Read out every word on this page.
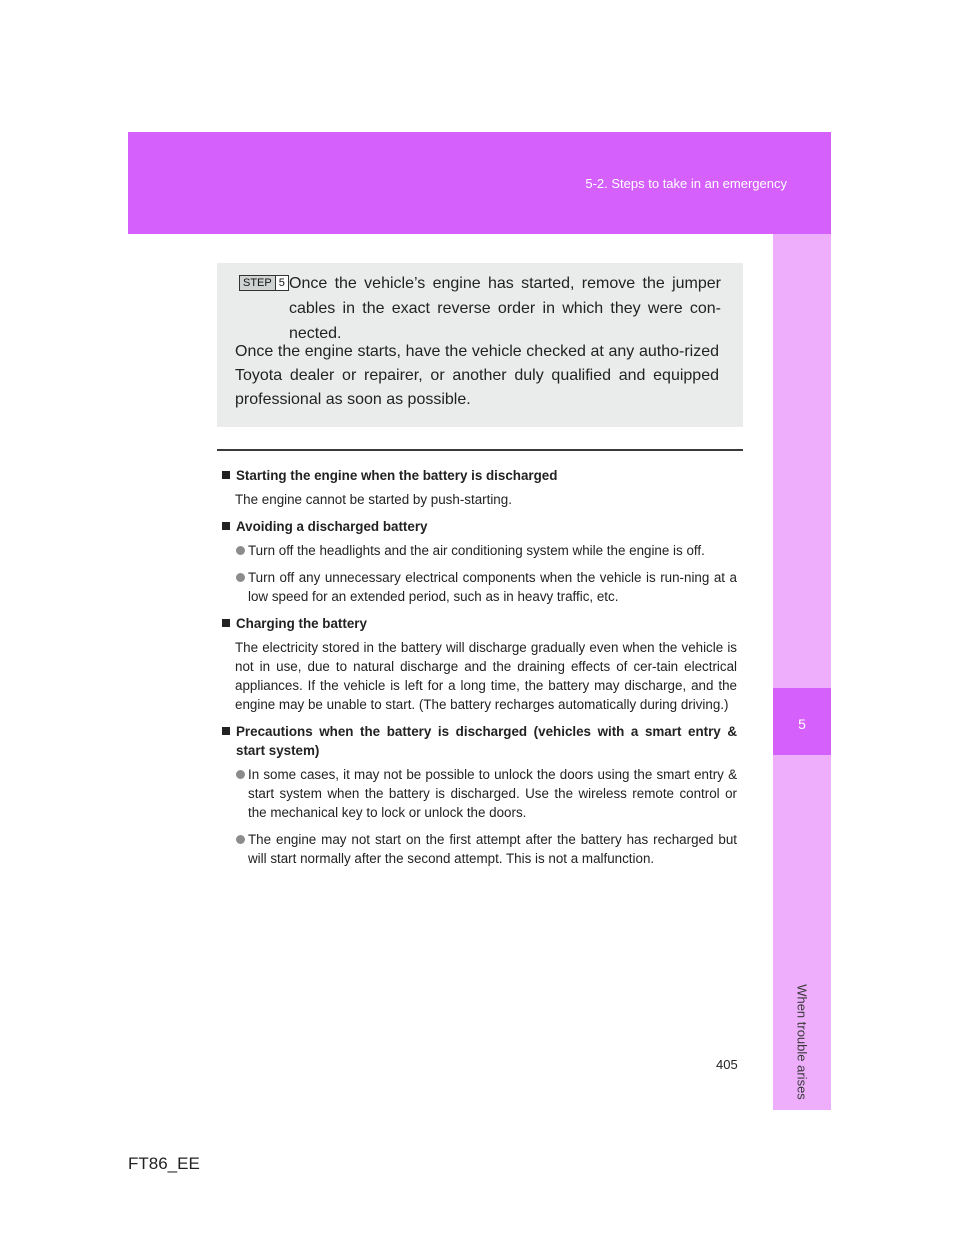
5-2. Steps to take in an emergency
5
When trouble arises
STEP 5 Once the vehicle’s engine has started, remove the jumper cables in the exact reverse order in which they were con-nected.
Once the engine starts, have the vehicle checked at any autho-rized Toyota dealer or repairer, or another duly qualified and equipped professional as soon as possible.
Starting the engine when the battery is discharged
The engine cannot be started by push-starting.
Avoiding a discharged battery
Turn off the headlights and the air conditioning system while the engine is off.
Turn off any unnecessary electrical components when the vehicle is run-ning at a low speed for an extended period, such as in heavy traffic, etc.
Charging the battery
The electricity stored in the battery will discharge gradually even when the vehicle is not in use, due to natural discharge and the draining effects of cer-tain electrical appliances. If the vehicle is left for a long time, the battery may discharge, and the engine may be unable to start. (The battery recharges automatically during driving.)
Precautions when the battery is discharged (vehicles with a smart entry & start system)
In some cases, it may not be possible to unlock the doors using the smart entry & start system when the battery is discharged. Use the wireless remote control or the mechanical key to lock or unlock the doors.
The engine may not start on the first attempt after the battery has recharged but will start normally after the second attempt. This is not a malfunction.
405
FT86_EE
